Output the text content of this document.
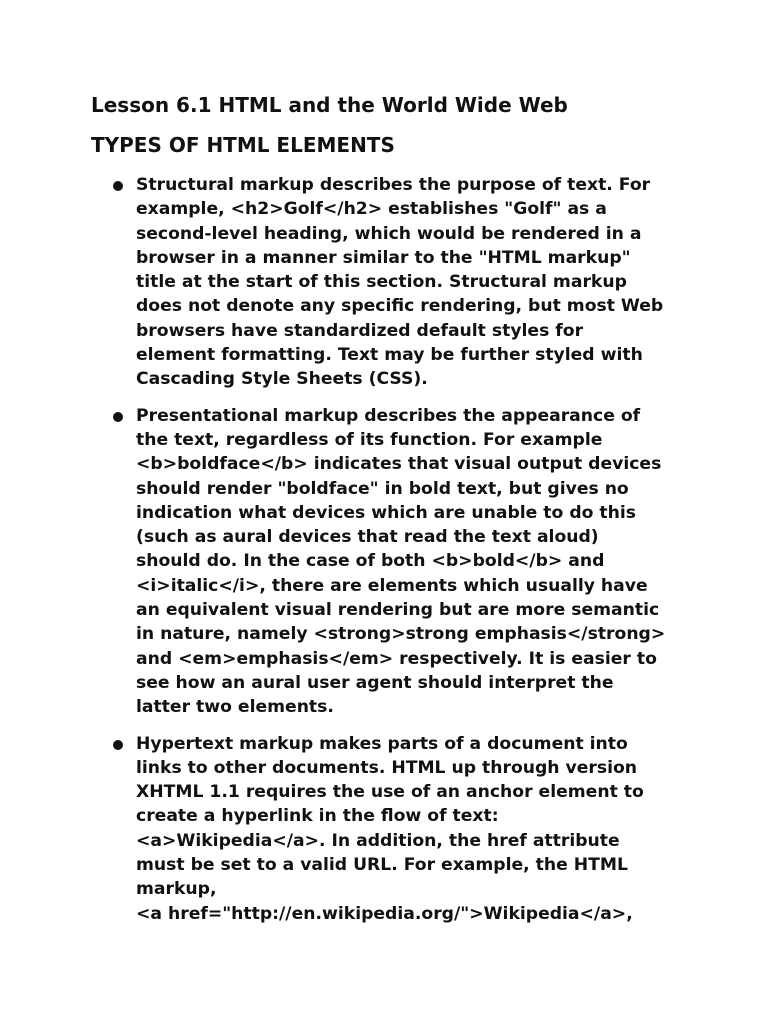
Lesson 6.1 HTML and the World Wide Web
TYPES OF HTML ELEMENTS
Structural markup describes the purpose of text. For
example, <h2>Golf</h2> establishes "Golf" as a
second-level heading, which would be rendered in a
browser in a manner similar to the "HTML markup"
title at the start of this section. Structural markup
does not denote any specific rendering, but most Web
browsers have standardized default styles for
element formatting. Text may be further styled with
Cascading Style Sheets (CSS).
Presentational markup describes the appearance of
the text, regardless of its function. For example
<b>boldface</b> indicates that visual output devices
should render "boldface" in bold text, but gives no
indication what devices which are unable to do this
(such as aural devices that read the text aloud)
should do. In the case of both <b>bold</b> and
<i>italic</i>, there are elements which usually have
an equivalent visual rendering but are more semantic
in nature, namely <strong>strong emphasis</strong>
and <em>emphasis</em> respectively. It is easier to
see how an aural user agent should interpret the
latter two elements.
Hypertext markup makes parts of a document into
links to other documents. HTML up through version
XHTML 1.1 requires the use of an anchor element to
create a hyperlink in the flow of text:
<a>Wikipedia</a>. In addition, the href attribute
must be set to a valid URL. For example, the HTML
markup,
<a href="http://en.wikipedia.org/">Wikipedia</a>,
